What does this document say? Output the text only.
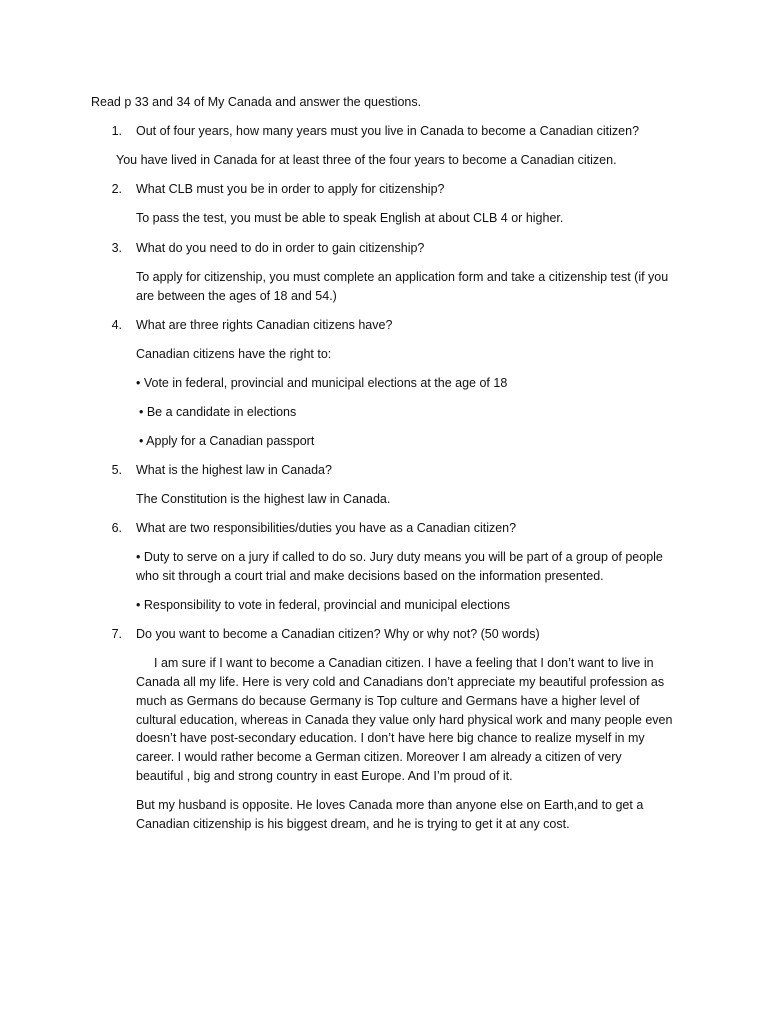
Read p 33 and 34 of My Canada and answer the questions.
1. Out of four years, how many years must you live in Canada to become a Canadian citizen?
You have lived in Canada for at least three of the four years to become a Canadian citizen.
2. What CLB must you be in order to apply for citizenship?
To pass the test, you must be able to speak English at about CLB 4 or higher.
3. What do you need to do in order to gain citizenship?
To apply for citizenship, you must complete an application form and take a citizenship test (if you
are between the ages of 18 and 54.)
4. What are three rights Canadian citizens have?
Canadian citizens have the right to:
• Vote in federal, provincial and municipal elections at the age of 18
• Be a candidate in elections
• Apply for a Canadian passport
5. What is the highest law in Canada?
The Constitution is the highest law in Canada.
6. What are two responsibilities/duties you have as a Canadian citizen?
• Duty to serve on a jury if called to do so. Jury duty means you will be part of a group of people
who sit through a court trial and make decisions based on the information presented.
• Responsibility to vote in federal, provincial and municipal elections
7. Do you want to become a Canadian citizen? Why or why not? (50 words)
I am sure if I want to become a Canadian citizen. I have a feeling that I don’t want to live in
Canada all my life. Here is very cold and Canadians don’t appreciate my beautiful profession as
much as Germans do because Germany is Top culture and Germans have a higher level of
cultural education, whereas in Canada they value only hard physical work and many people even
doesn’t have post-secondary education. I don’t have here big chance to realize myself in my
career. I would rather become a German citizen. Moreover I am already a citizen of very
beautiful , big and strong country in east Europe. And I’m proud of it.
But my husband is opposite. He loves Canada more than anyone else on Earth,and to get a
Canadian citizenship is his biggest dream, and he is trying to get it at any cost.
